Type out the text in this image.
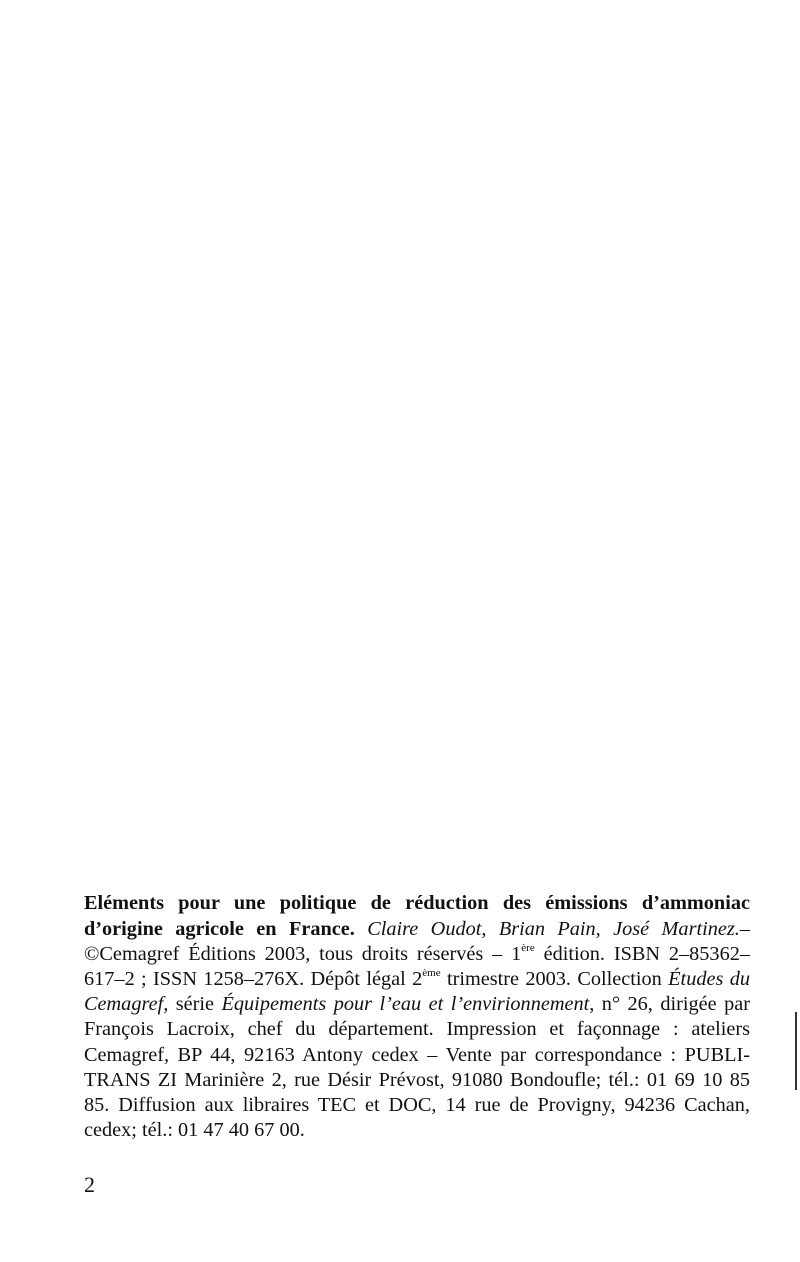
Eléments pour une politique de réduction des émissions d’ammoniac d’origine agricole en France. Claire Oudot, Brian Pain, José Martinez.– ©Cemagref Éditions 2003, tous droits réservés – 1ère édition. ISBN 2–85362–617–2 ; ISSN 1258–276X. Dépôt légal 2ème trimestre 2003. Collection Études du Cemagref, série Équipements pour l’eau et l’envirionnement, n° 26, dirigée par François Lacroix, chef du département. Impression et façonnage : ateliers Cemagref, BP 44, 92163 Antony cedex – Vente par correspondance : PUBLI-TRANS ZI Marinière 2, rue Désir Prévost, 91080 Bondoufle; tél.: 01 69 10 85 85. Diffusion aux libraires TEC et DOC, 14 rue de Provigny, 94236 Cachan, cedex; tél.: 01 47 40 67 00.

2
